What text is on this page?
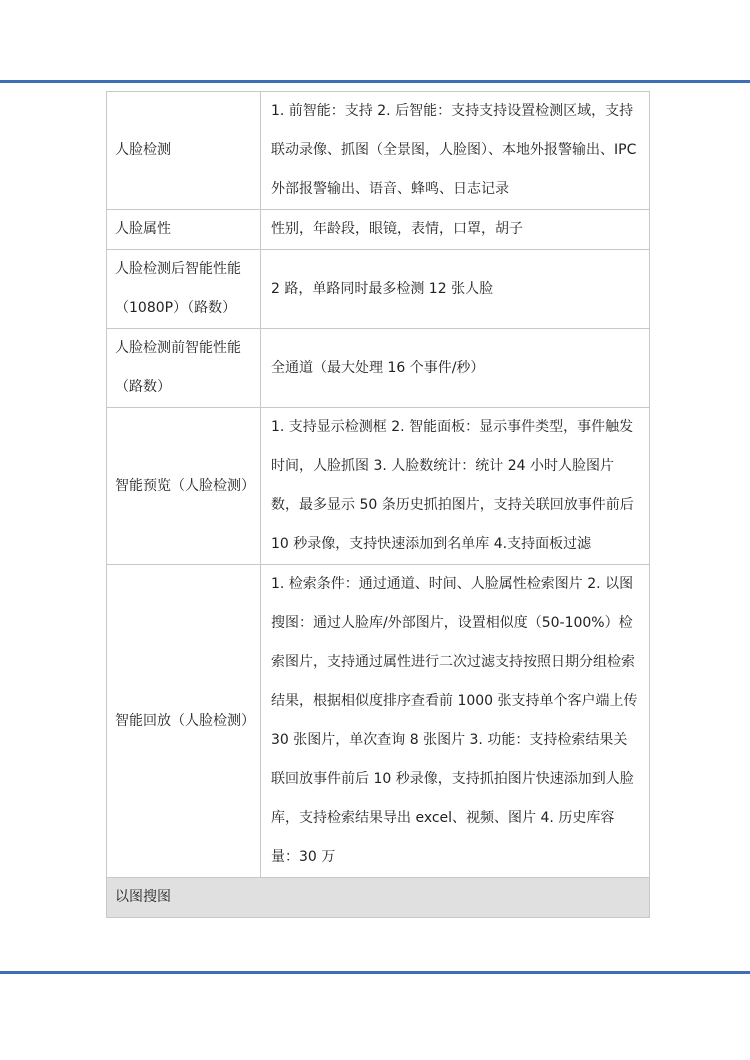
人脸检测	1. 前智能：支持 2. 后智能：支持支持设置检测区域，支持联动录像、抓图（全景图，人脸图）、本地外报警输出、IPC 外部报警输出、语音、蜂鸣、日志记录
人脸属性	性别，年龄段，眼镜，表情，口罩，胡子
人脸检测后智能性能（1080P）（路数）	2 路，单路同时最多检测 12 张人脸
人脸检测前智能性能（路数）	全通道（最大处理 16 个事件/秒）
智能预览（人脸检测）	1. 支持显示检测框 2. 智能面板：显示事件类型，事件触发时间，人脸抓图 3. 人脸数统计：统计 24 小时人脸图片数，最多显示 50 条历史抓拍图片，支持关联回放事件前后 10 秒录像，支持快速添加到名单库 4.支持面板过滤
智能回放（人脸检测）	1. 检索条件：通过通道、时间、人脸属性检索图片 2. 以图搜图：通过人脸库/外部图片，设置相似度（50-100%）检索图片，支持通过属性进行二次过滤支持按照日期分组检索结果，根据相似度排序查看前 1000 张支持单个客户端上传 30 张图片，单次查询 8 张图片 3. 功能：支持检索结果关联回放事件前后 10 秒录像，支持抓拍图片快速添加到人脸库，支持检索结果导出 excel、视频、图片 4. 历史库容量：30 万
以图搜图	
